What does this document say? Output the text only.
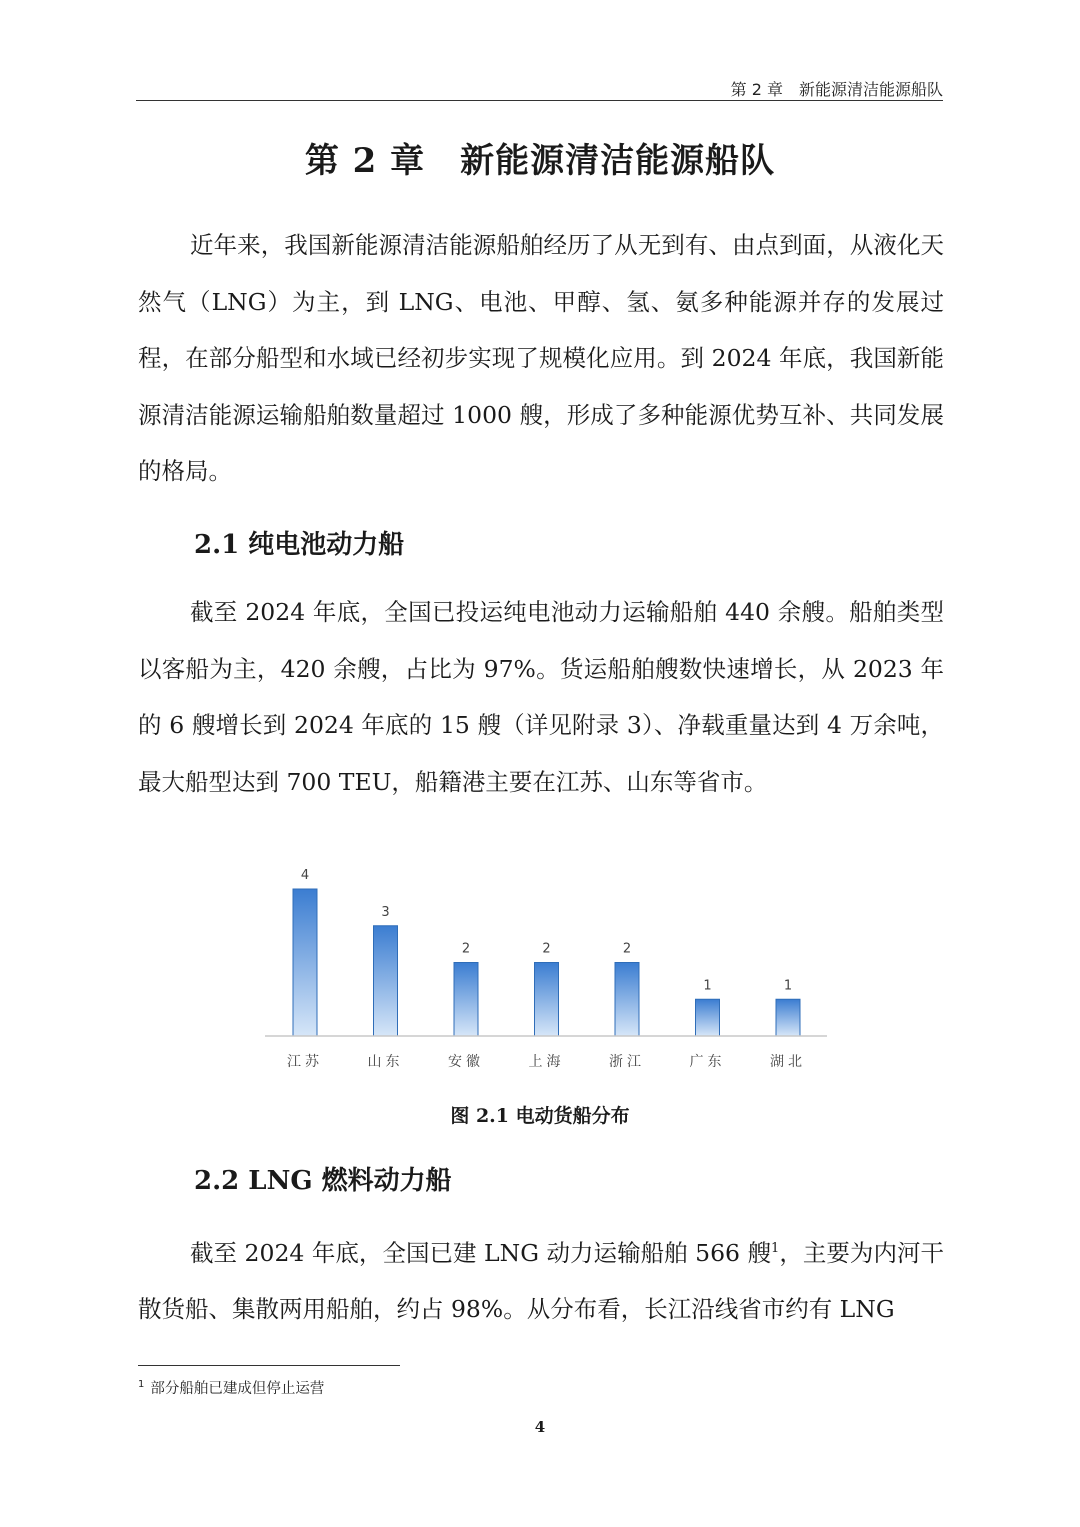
第 2 章　新能源清洁能源船队
第 2 章　新能源清洁能源船队

近年来，我国新能源清洁能源船舶经历了从无到有、由点到面，从液化天然气（LNG）为主，到 LNG、电池、甲醇、氢、氨多种能源并存的发展过程，在部分船型和水域已经初步实现了规模化应用。到 2024 年底，我国新能源清洁能源运输船舶数量超过 1000 艘，形成了多种能源优势互补、共同发展的格局。

2.1 纯电池动力船

截至 2024 年底，全国已投运纯电池动力运输船舶 440 余艘。船舶类型以客船为主，420 余艘，占比为 97%。货运船舶艘数快速增长，从 2023 年的 6 艘增长到 2024 年底的 15 艘（详见附录 3）、净载重量达到 4 万余吨，最大船型达到 700 TEU，船籍港主要在江苏、山东等省市。

4
3
2	2	2
1	1
江苏	山东	安徽	上海	浙江	广东	湖北
图 2.1 电动货船分布
2.2 LNG 燃料动力船

截至 2024 年底，全国已建 LNG 动力运输船舶 566 艘$^1$，主要为内河干散货船、集散两用船舶，约占 98%。从分布看，长江沿线省市约有 LNG

$^1$ 部分船舶已建成但停止运营
4
